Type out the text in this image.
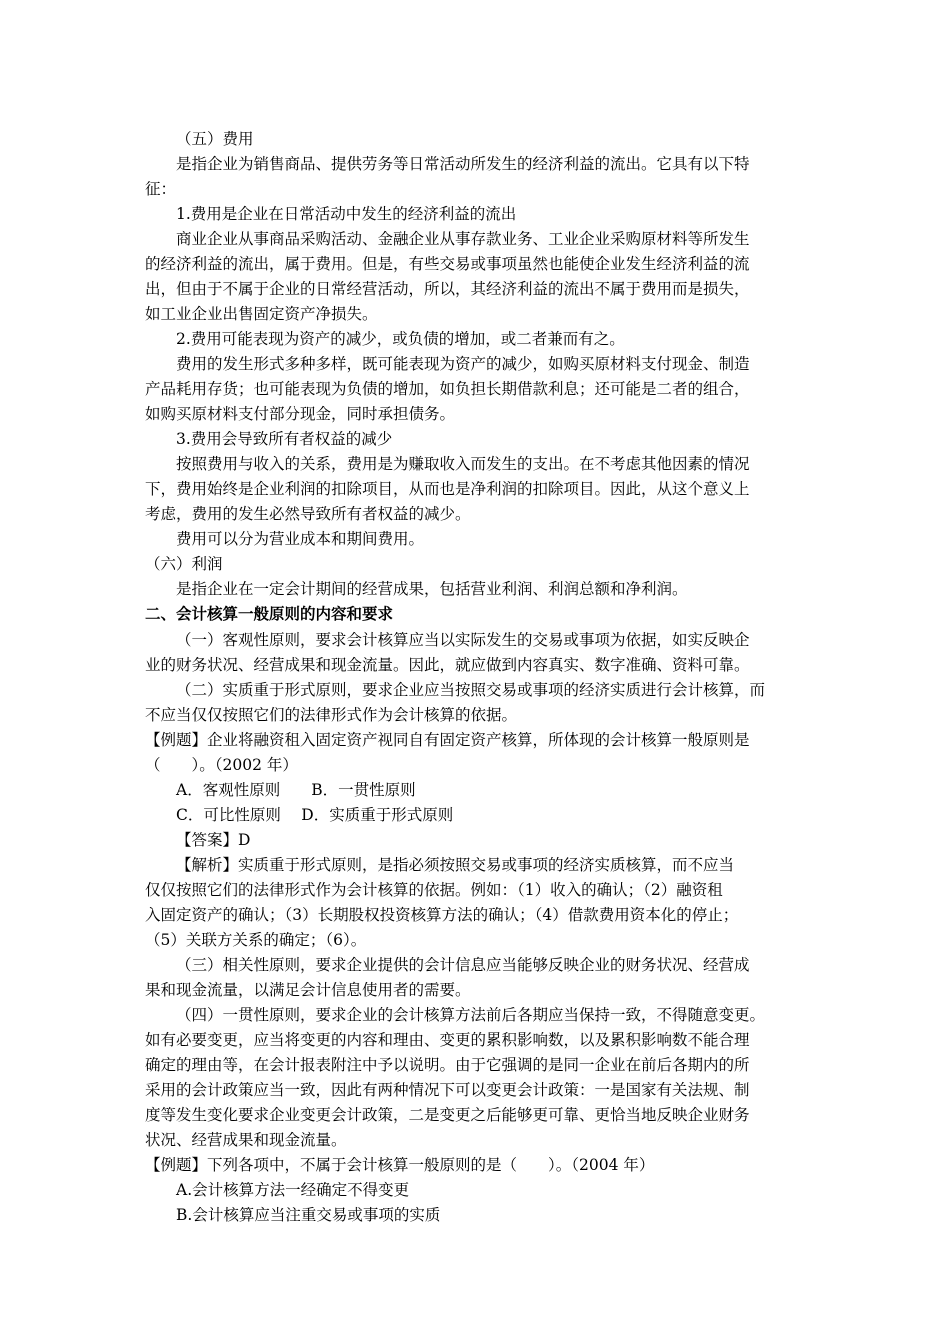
（五）费用
是指企业为销售商品、提供劳务等日常活动所发生的经济利益的流出。它具有以下特
征：
1.费用是企业在日常活动中发生的经济利益的流出
商业企业从事商品采购活动、金融企业从事存款业务、工业企业采购原材料等所发生
的经济利益的流出，属于费用。但是，有些交易或事项虽然也能使企业发生经济利益的流
出，但由于不属于企业的日常经营活动，所以，其经济利益的流出不属于费用而是损失，
如工业企业出售固定资产净损失。
2.费用可能表现为资产的减少，或负债的增加，或二者兼而有之。
费用的发生形式多种多样，既可能表现为资产的减少，如购买原材料支付现金、制造
产品耗用存货；也可能表现为负债的增加，如负担长期借款利息；还可能是二者的组合，
如购买原材料支付部分现金，同时承担债务。
3.费用会导致所有者权益的减少
按照费用与收入的关系，费用是为赚取收入而发生的支出。在不考虑其他因素的情况
下，费用始终是企业利润的扣除项目，从而也是净利润的扣除项目。因此，从这个意义上
考虑，费用的发生必然导致所有者权益的减少。
费用可以分为营业成本和期间费用。
（六）利润
是指企业在一定会计期间的经营成果，包括营业利润、利润总额和净利润。
二、会计核算一般原则的内容和要求
（一）客观性原则，要求会计核算应当以实际发生的交易或事项为依据，如实反映企
业的财务状况、经营成果和现金流量。因此，就应做到内容真实、数字准确、资料可靠。
（二）实质重于形式原则，要求企业应当按照交易或事项的经济实质进行会计核算，而
不应当仅仅按照它们的法律形式作为会计核算的依据。
【例题】企业将融资租入固定资产视同自有固定资产核算，所体现的会计核算一般原则是
（　　）。（2002 年）
A．客观性原则　　B．一贯性原则
C．可比性原则　 D．实质重于形式原则
【答案】D
【解析】实质重于形式原则，是指必须按照交易或事项的经济实质核算，而不应当
仅仅按照它们的法律形式作为会计核算的依据。例如：（1）收入的确认；（2）融资租
入固定资产的确认；（3）长期股权投资核算方法的确认；（4）借款费用资本化的停止；
（5）关联方关系的确定；（6）。
（三）相关性原则，要求企业提供的会计信息应当能够反映企业的财务状况、经营成
果和现金流量，以满足会计信息使用者的需要。
（四）一贯性原则，要求企业的会计核算方法前后各期应当保持一致，不得随意变更。
如有必要变更，应当将变更的内容和理由、变更的累积影响数，以及累积影响数不能合理
确定的理由等，在会计报表附注中予以说明。由于它强调的是同一企业在前后各期内的所
采用的会计政策应当一致，因此有两种情况下可以变更会计政策：一是国家有关法规、制
度等发生变化要求企业变更会计政策，二是变更之后能够更可靠、更恰当地反映企业财务
状况、经营成果和现金流量。
【例题】下列各项中，不属于会计核算一般原则的是（　　）。（2004 年）
A.会计核算方法一经确定不得变更
B.会计核算应当注重交易或事项的实质
